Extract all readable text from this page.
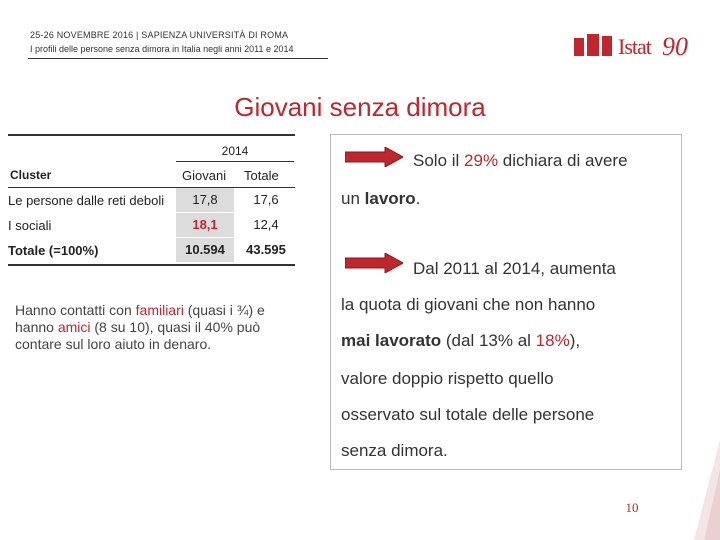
25-26 NOVEMBRE 2016 | SAPIENZA UNIVERSITÀ DI ROMA
I profili delle persone senza dimora in Italia negli anni 2011 e 2014	Istat 90
Giovani senza dimora
2014
Cluster	Giovani Totale
Le persone dalle reti deboli	17,8	17,6
I sociali	18,1	12,4
Totale (=100%)	10.594	43.595
Hanno contatti con familiari (quasi i ¾) e hanno amici (8 su 10), quasi il 40% può contare sul loro aiuto in denaro.
Solo il 29% dichiara di avere
un lavoro.
Dal 2011 al 2014, aumenta
la quota di giovani che non hanno
mai lavorato (dal 13% al 18%),
valore doppio rispetto quello
osservato sul totale delle persone
senza dimora.
10
